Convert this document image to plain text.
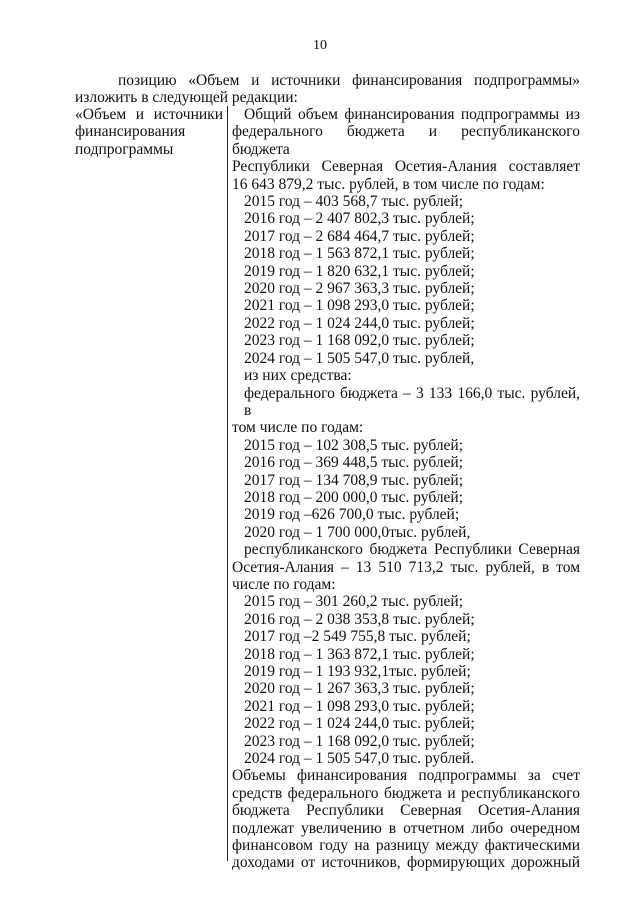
10
позицию «Объем и источники финансирования подпрограммы»
изложить в следующей редакции:
«Объем и источники
финансирования
подпрограммы
Общий объем финансирования подпрограммы из
федерального бюджета и республиканского бюджета
Республики Северная Осетия-Алания составляет
16 643 879,2 тыс. рублей, в том числе по годам:
2015 год – 403 568,7 тыс. рублей;
2016 год – 2 407 802,3 тыс. рублей;
2017 год – 2 684 464,7 тыс. рублей;
2018 год – 1 563 872,1 тыс. рублей;
2019 год – 1 820 632,1 тыс. рублей;
2020 год – 2 967 363,3 тыс. рублей;
2021 год – 1 098 293,0 тыс. рублей;
2022 год – 1 024 244,0 тыс. рублей;
2023 год – 1 168 092,0 тыс. рублей;
2024 год – 1 505 547,0 тыс. рублей,
из них средства:
федерального бюджета – 3 133 166,0 тыс. рублей, в
том числе по годам:
2015 год – 102 308,5 тыс. рублей;
2016 год – 369 448,5 тыс. рублей;
2017 год – 134 708,9 тыс. рублей;
2018 год – 200 000,0 тыс. рублей;
2019 год –626 700,0 тыс. рублей;
2020 год – 1 700 000,0тыс. рублей,
республиканского бюджета Республики Северная
Осетия-Алания – 13 510 713,2 тыс. рублей, в том
числе по годам:
2015 год – 301 260,2 тыс. рублей;
2016 год – 2 038 353,8 тыс. рублей;
2017 год –2 549 755,8 тыс. рублей;
2018 год – 1 363 872,1 тыс. рублей;
2019 год – 1 193 932,1тыс. рублей;
2020 год – 1 267 363,3 тыс. рублей;
2021 год – 1 098 293,0 тыс. рублей;
2022 год – 1 024 244,0 тыс. рублей;
2023 год – 1 168 092,0 тыс. рублей;
2024 год – 1 505 547,0 тыс. рублей.
Объемы финансирования подпрограммы за счет
средств федерального бюджета и республиканского
бюджета Республики Северная Осетия-Алания
подлежат увеличению в отчетном либо очередном
финансовом году на разницу между фактическими
доходами от источников, формирующих дорожный
